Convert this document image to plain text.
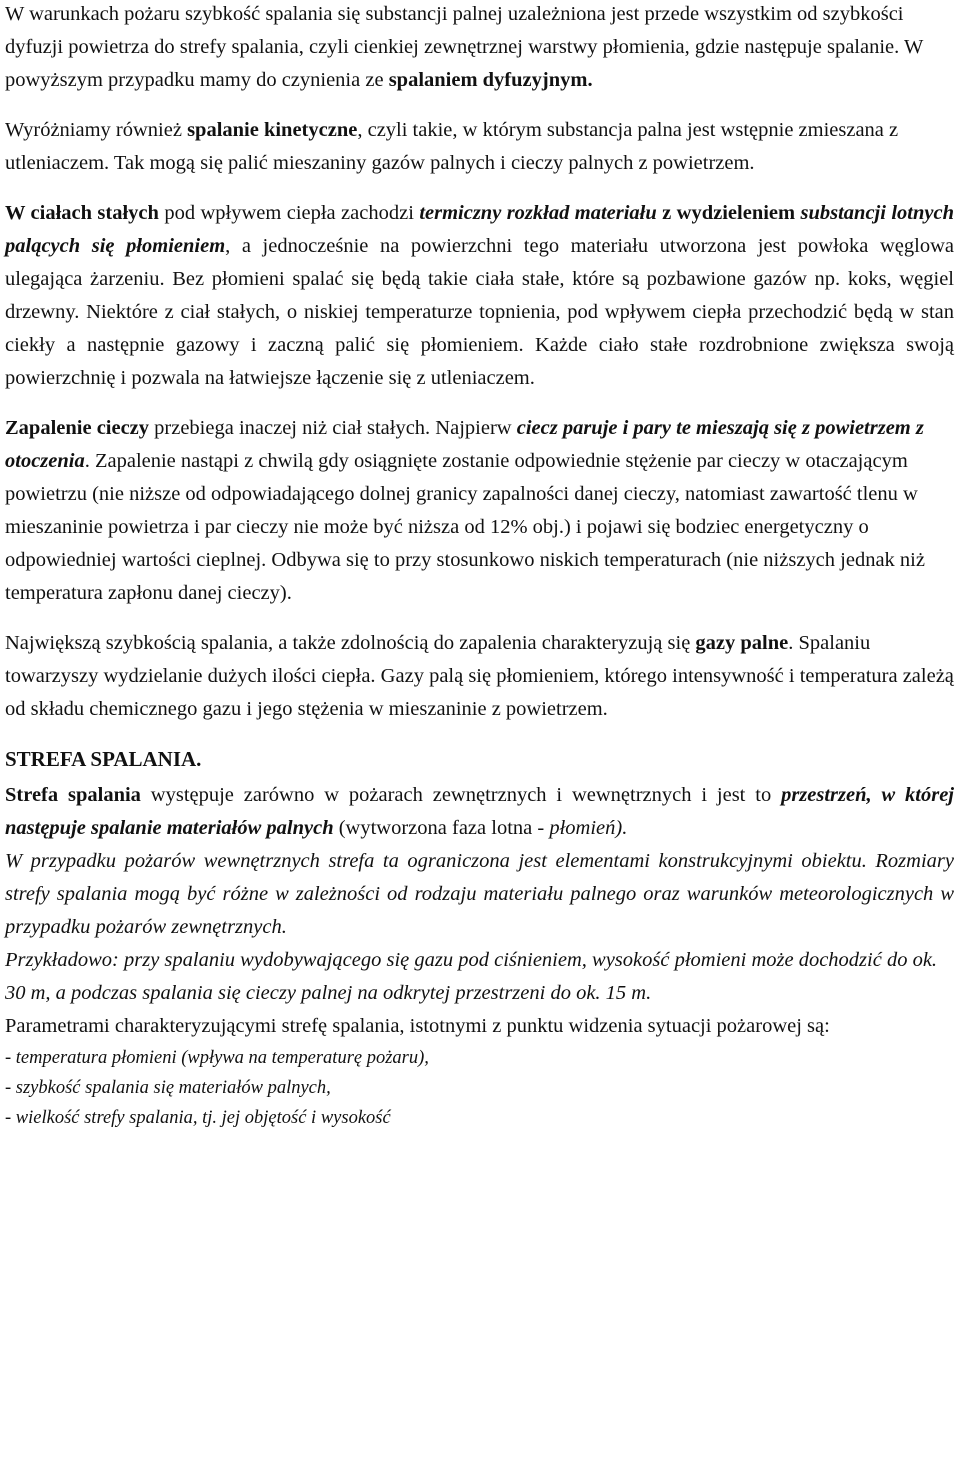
W warunkach pożaru szybkość spalania się substancji palnej uzależniona jest przede wszystkim od szybkości dyfuzji powietrza do strefy spalania, czyli cienkiej zewnętrznej warstwy płomienia, gdzie następuje spalanie. W powyższym przypadku mamy do czynienia ze spalaniem dyfuzyjnym.

Wyróżniamy również spalanie kinetyczne, czyli takie, w którym substancja palna jest wstępnie zmieszana z utleniaczem. Tak mogą się palić mieszaniny gazów palnych i cieczy palnych z powietrzem.

W ciałach stałych pod wpływem ciepła zachodzi termiczny rozkład materiału z wydzieleniem substancji lotnych palących się płomieniem, a jednocześnie na powierzchni tego materiału utworzona jest powłoka węglowa ulegająca żarzeniu. Bez płomieni spalać się będą takie ciała stałe, które są pozbawione gazów np. koks, węgiel drzewny. Niektóre z ciał stałych, o niskiej temperaturze topnienia, pod wpływem ciepła przechodzić będą w stan ciekły a następnie gazowy i zaczną palić się płomieniem. Każde ciało stałe rozdrobnione zwiększa swoją powierzchnię i pozwala na łatwiejsze łączenie się z utleniaczem.

Zapalenie cieczy przebiega inaczej niż ciał stałych. Najpierw ciecz paruje i pary te mieszają się z powietrzem z otoczenia. Zapalenie nastąpi z chwilą gdy osiągnięte zostanie odpowiednie stężenie par cieczy w otaczającym powietrzu (nie niższe od odpowiadającego dolnej granicy zapalności danej cieczy, natomiast zawartość tlenu w mieszaninie powietrza i par cieczy nie może być niższa od 12% obj.) i pojawi się bodziec energetyczny o odpowiedniej wartości cieplnej. Odbywa się to przy stosunkowo niskich temperaturach (nie niższych jednak niż temperatura zapłonu danej cieczy).

Największą szybkością spalania, a także zdolnością do zapalenia charakteryzują się gazy palne. Spalaniu towarzyszy wydzielanie dużych ilości ciepła. Gazy palą się płomieniem, którego intensywność i temperatura zależą od składu chemicznego gazu i jego stężenia w mieszaninie z powietrzem.

STREFA SPALANIA.

Strefa spalania występuje zarówno w pożarach zewnętrznych i wewnętrznych i jest to przestrzeń, w której następuje spalanie materiałów palnych (wytworzona faza lotna - płomień).

W przypadku pożarów wewnętrznych strefa ta ograniczona jest elementami konstrukcyjnymi obiektu. Rozmiary strefy spalania mogą być różne w zależności od rodzaju materiału palnego oraz warunków meteorologicznych w przypadku pożarów zewnętrznych.

Przykładowo: przy spalaniu wydobywającego się gazu pod ciśnieniem, wysokość płomieni może dochodzić do ok. 30 m, a podczas spalania się cieczy palnej na odkrytej przestrzeni do ok. 15 m.

Parametrami charakteryzującymi strefę spalania, istotnymi z punktu widzenia sytuacji pożarowej są:

- temperatura płomieni (wpływa na temperaturę pożaru),
- szybkość spalania się materiałów palnych,
- wielkość strefy spalania, tj. jej objętość i wysokość
